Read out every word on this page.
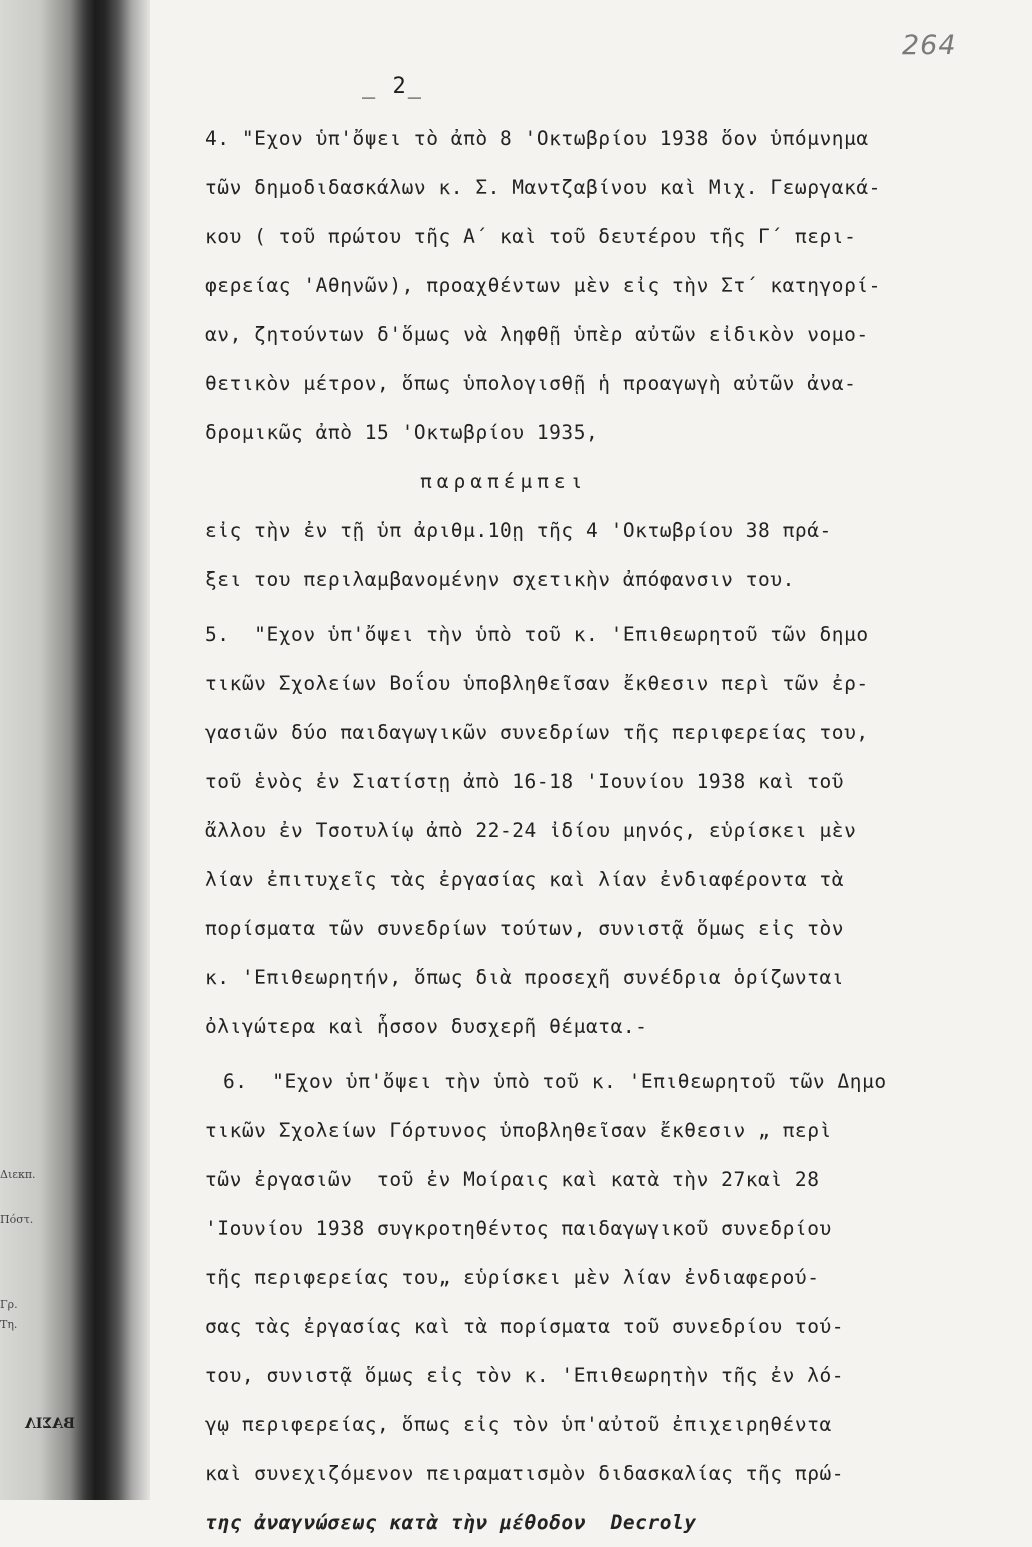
Διεκπ.
Πόστ.
Γρ.
Τη.
BAΣIΛ
264
_ 2_
4. "Εχον ὑπ'ὄψει τὸ ἀπὸ 8 'Οκτωβρίου 1938 ὅον ὑπόμνημα
τῶν δημοδιδασκάλων κ. Σ. Μαντζαβίνου καὶ Μιχ. Γεωργακά-
κου ( τοῦ πρώτου τῆς Α΄ καὶ τοῦ δευτέρου τῆς Γ΄ περι-
φερείας 'Αθηνῶν), προαχθέντων μὲν εἰς τὴν Στ΄ κατηγορί-
αν, ζητούντων δ'ὅμως νὰ ληφθῇ ὑπὲρ αὐτῶν εἰδικὸν νομο-
θετικὸν μέτρον, ὅπως ὑπολογισθῇ ἡ προαγωγὴ αὐτῶν ἀνα-
δρομικῶς ἀπὸ 15 'Οκτωβρίου 1935,
παραπέμπει
εἰς τὴν ἐν τῇ ὑπ ἀριθμ.10ῃ τῆς 4 'Οκτωβρίου 38 πρά-
ξει του περιλαμβανομένην σχετικὴν ἀπόφανσιν του.
5.  "Εχον ὑπ'ὄψει τὴν ὑπὸ τοῦ κ. 'Επιθεωρητοῦ τῶν δημο
τικῶν Σχολείων Βοΐου ὑποβληθεῖσαν ἔκθεσιν περὶ τῶν ἐρ-
γασιῶν δύο παιδαγωγικῶν συνεδρίων τῆς περιφερείας του,
τοῦ ἑνὸς ἐν Σιατίστῃ ἀπὸ 16-18 'Ιουνίου 1938 καὶ τοῦ
ἄλλου ἐν Τσοτυλίῳ ἀπὸ 22-24 ἰδίου μηνός, εὑρίσκει μὲν
λίαν ἐπιτυχεῖς τὰς ἐργασίας καὶ λίαν ἐνδιαφέροντα τὰ
πορίσματα τῶν συνεδρίων τούτων, συνιστᾷ ὅμως εἰς τὸν
κ. 'Επιθεωρητήν, ὅπως διὰ προσεχῆ συνέδρια ὁρίζωνται
ὀλιγώτερα καὶ ἧσσον δυσχερῆ θέματα.-
6.  "Εχον ὑπ'ὄψει τὴν ὑπὸ τοῦ κ. 'Επιθεωρητοῦ τῶν Δημο
τικῶν Σχολείων Γόρτυνος ὑποβληθεῖσαν ἔκθεσιν „ περὶ
τῶν ἐργασιῶν  τοῦ ἐν Μοίραις καὶ κατὰ τὴν 27καὶ 28
'Ιουνίου 1938 συγκροτηθέντος παιδαγωγικοῦ συνεδρίου
τῆς περιφερείας του„ εὑρίσκει μὲν λίαν ἐνδιαφερού-
σας τὰς ἐργασίας καὶ τὰ πορίσματα τοῦ συνεδρίου τού-
του, συνιστᾷ ὅμως εἰς τὸν κ. 'Επιθεωρητὴν τῆς ἐν λό-
γῳ περιφερείας, ὅπως εἰς τὸν ὑπ'αὐτοῦ ἐπιχειρηθέντα
καὶ συνεχιζόμενον πειραματισμὸν διδασκαλίας τῆς πρώ-
της ἀναγνώσεως κατὰ τὴν μέθοδον  Decroly
